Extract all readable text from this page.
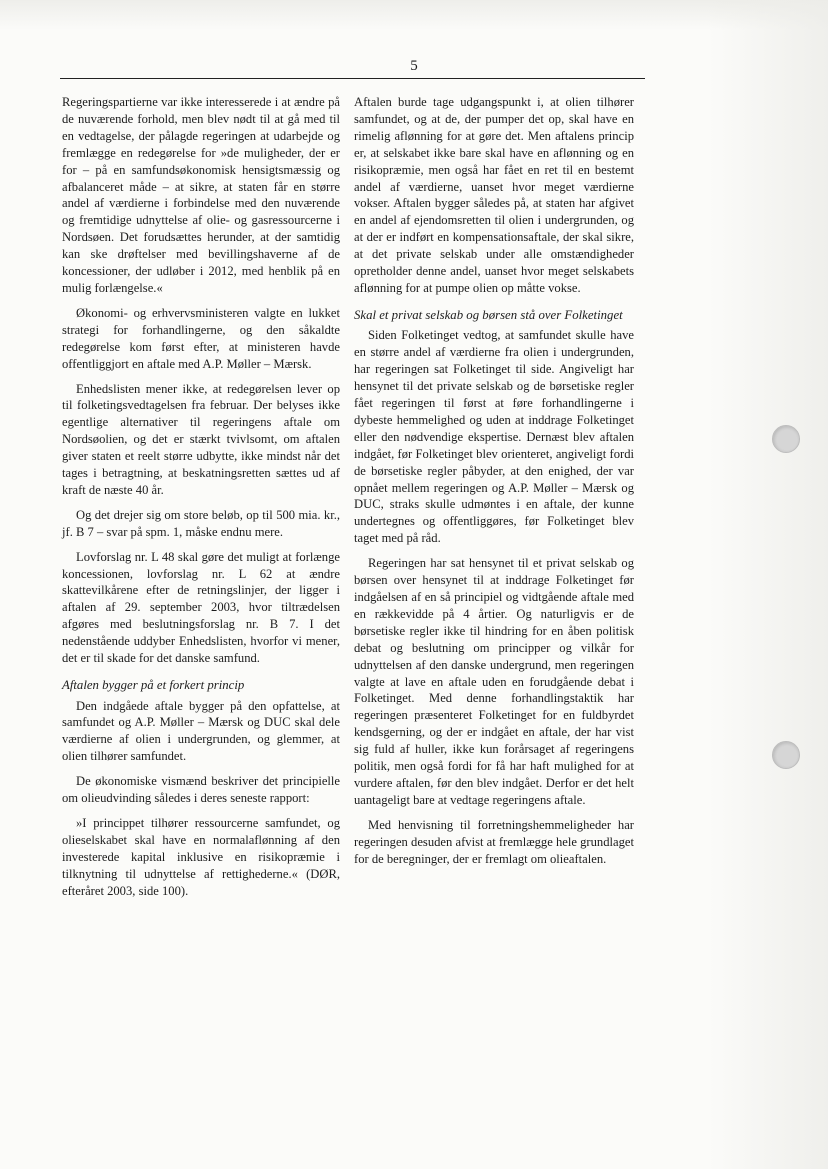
5

Regeringspartierne var ikke interesserede i at ændre på de nuværende forhold, men blev nødt til at gå med til en vedtagelse, der pålagde regeringen at udarbejde og fremlægge en redegørelse for »de muligheder, der er for – på en samfundsøkonomisk hensigtsmæssig og afbalanceret måde – at sikre, at staten får en større andel af værdierne i forbindelse med den nuværende og fremtidige udnyttelse af olie- og gasressourcerne i Nordsøen. Det forudsættes herunder, at der samtidig kan ske drøftelser med bevillingshaverne af de koncessioner, der udløber i 2012, med henblik på en mulig forlængelse.«

Økonomi- og erhvervsministeren valgte en lukket strategi for forhandlingerne, og den såkaldte redegørelse kom først efter, at ministeren havde offentliggjort en aftale med A.P. Møller – Mærsk.

Enhedslisten mener ikke, at redegørelsen lever op til folketingsvedtagelsen fra februar. Der belyses ikke egentlige alternativer til regeringens aftale om Nordsøolien, og det er stærkt tvivlsomt, om aftalen giver staten et reelt større udbytte, ikke mindst når det tages i betragtning, at beskatningsretten sættes ud af kraft de næste 40 år.

Og det drejer sig om store beløb, op til 500 mia. kr., jf. B 7 – svar på spm. 1, måske endnu mere.

Lovforslag nr. L 48 skal gøre det muligt at forlænge koncessionen, lovforslag nr. L 62 at ændre skattevilkårene efter de retningslinjer, der ligger i aftalen af 29. september 2003, hvor tiltrædelsen afgøres med beslutningsforslag nr. B 7. I det nedenstående uddyber Enhedslisten, hvorfor vi mener, det er til skade for det danske samfund.

Aftalen bygger på et forkert princip

Den indgåede aftale bygger på den opfattelse, at samfundet og A.P. Møller – Mærsk og DUC skal dele værdierne af olien i undergrunden, og glemmer, at olien tilhører samfundet.

De økonomiske vismænd beskriver det principielle om olieudvinding således i deres seneste rapport:

»I princippet tilhører ressourcerne samfundet, og olieselskabet skal have en normalaflønning af den investerede kapital inklusive en risikopræmie i tilknytning til udnyttelse af rettighederne.« (DØR, efteråret 2003, side 100).

Aftalen burde tage udgangspunkt i, at olien tilhører samfundet, og at de, der pumper det op, skal have en rimelig aflønning for at gøre det. Men aftalens princip er, at selskabet ikke bare skal have en aflønning og en risikopræmie, men også har fået en ret til en bestemt andel af værdierne, uanset hvor meget værdierne vokser. Aftalen bygger således på, at staten har afgivet en andel af ejendomsretten til olien i undergrunden, og at der er indført en kompensationsaftale, der skal sikre, at det private selskab under alle omstændigheder opretholder denne andel, uanset hvor meget selskabets aflønning for at pumpe olien op måtte vokse.

Skal et privat selskab og børsen stå over Folketinget

Siden Folketinget vedtog, at samfundet skulle have en større andel af værdierne fra olien i undergrunden, har regeringen sat Folketinget til side. Angiveligt har hensynet til det private selskab og de børsetiske regler fået regeringen til først at føre forhandlingerne i dybeste hemmelighed og uden at inddrage Folketinget eller den nødvendige ekspertise. Dernæst blev aftalen indgået, før Folketinget blev orienteret, angiveligt fordi de børsetiske regler påbyder, at den enighed, der var opnået mellem regeringen og A.P. Møller – Mærsk og DUC, straks skulle udmøntes i en aftale, der kunne undertegnes og offentliggøres, før Folketinget blev taget med på råd.

Regeringen har sat hensynet til et privat selskab og børsen over hensynet til at inddrage Folketinget før indgåelsen af en så principiel og vidtgående aftale med en rækkevidde på 4 årtier. Og naturligvis er de børsetiske regler ikke til hindring for en åben politisk debat og beslutning om principper og vilkår for udnyttelsen af den danske undergrund, men regeringen valgte at lave en aftale uden en forudgående debat i Folketinget. Med denne forhandlingstaktik har regeringen præsenteret Folketinget for en fuldbyrdet kendsgerning, og der er indgået en aftale, der har vist sig fuld af huller, ikke kun forårsaget af regeringens politik, men også fordi for få har haft mulighed for at vurdere aftalen, før den blev indgået. Derfor er det helt uantageligt bare at vedtage regeringens aftale.

Med henvisning til forretningshemmeligheder har regeringen desuden afvist at fremlægge hele grundlaget for de beregninger, der er fremlagt om olieaftalen.
